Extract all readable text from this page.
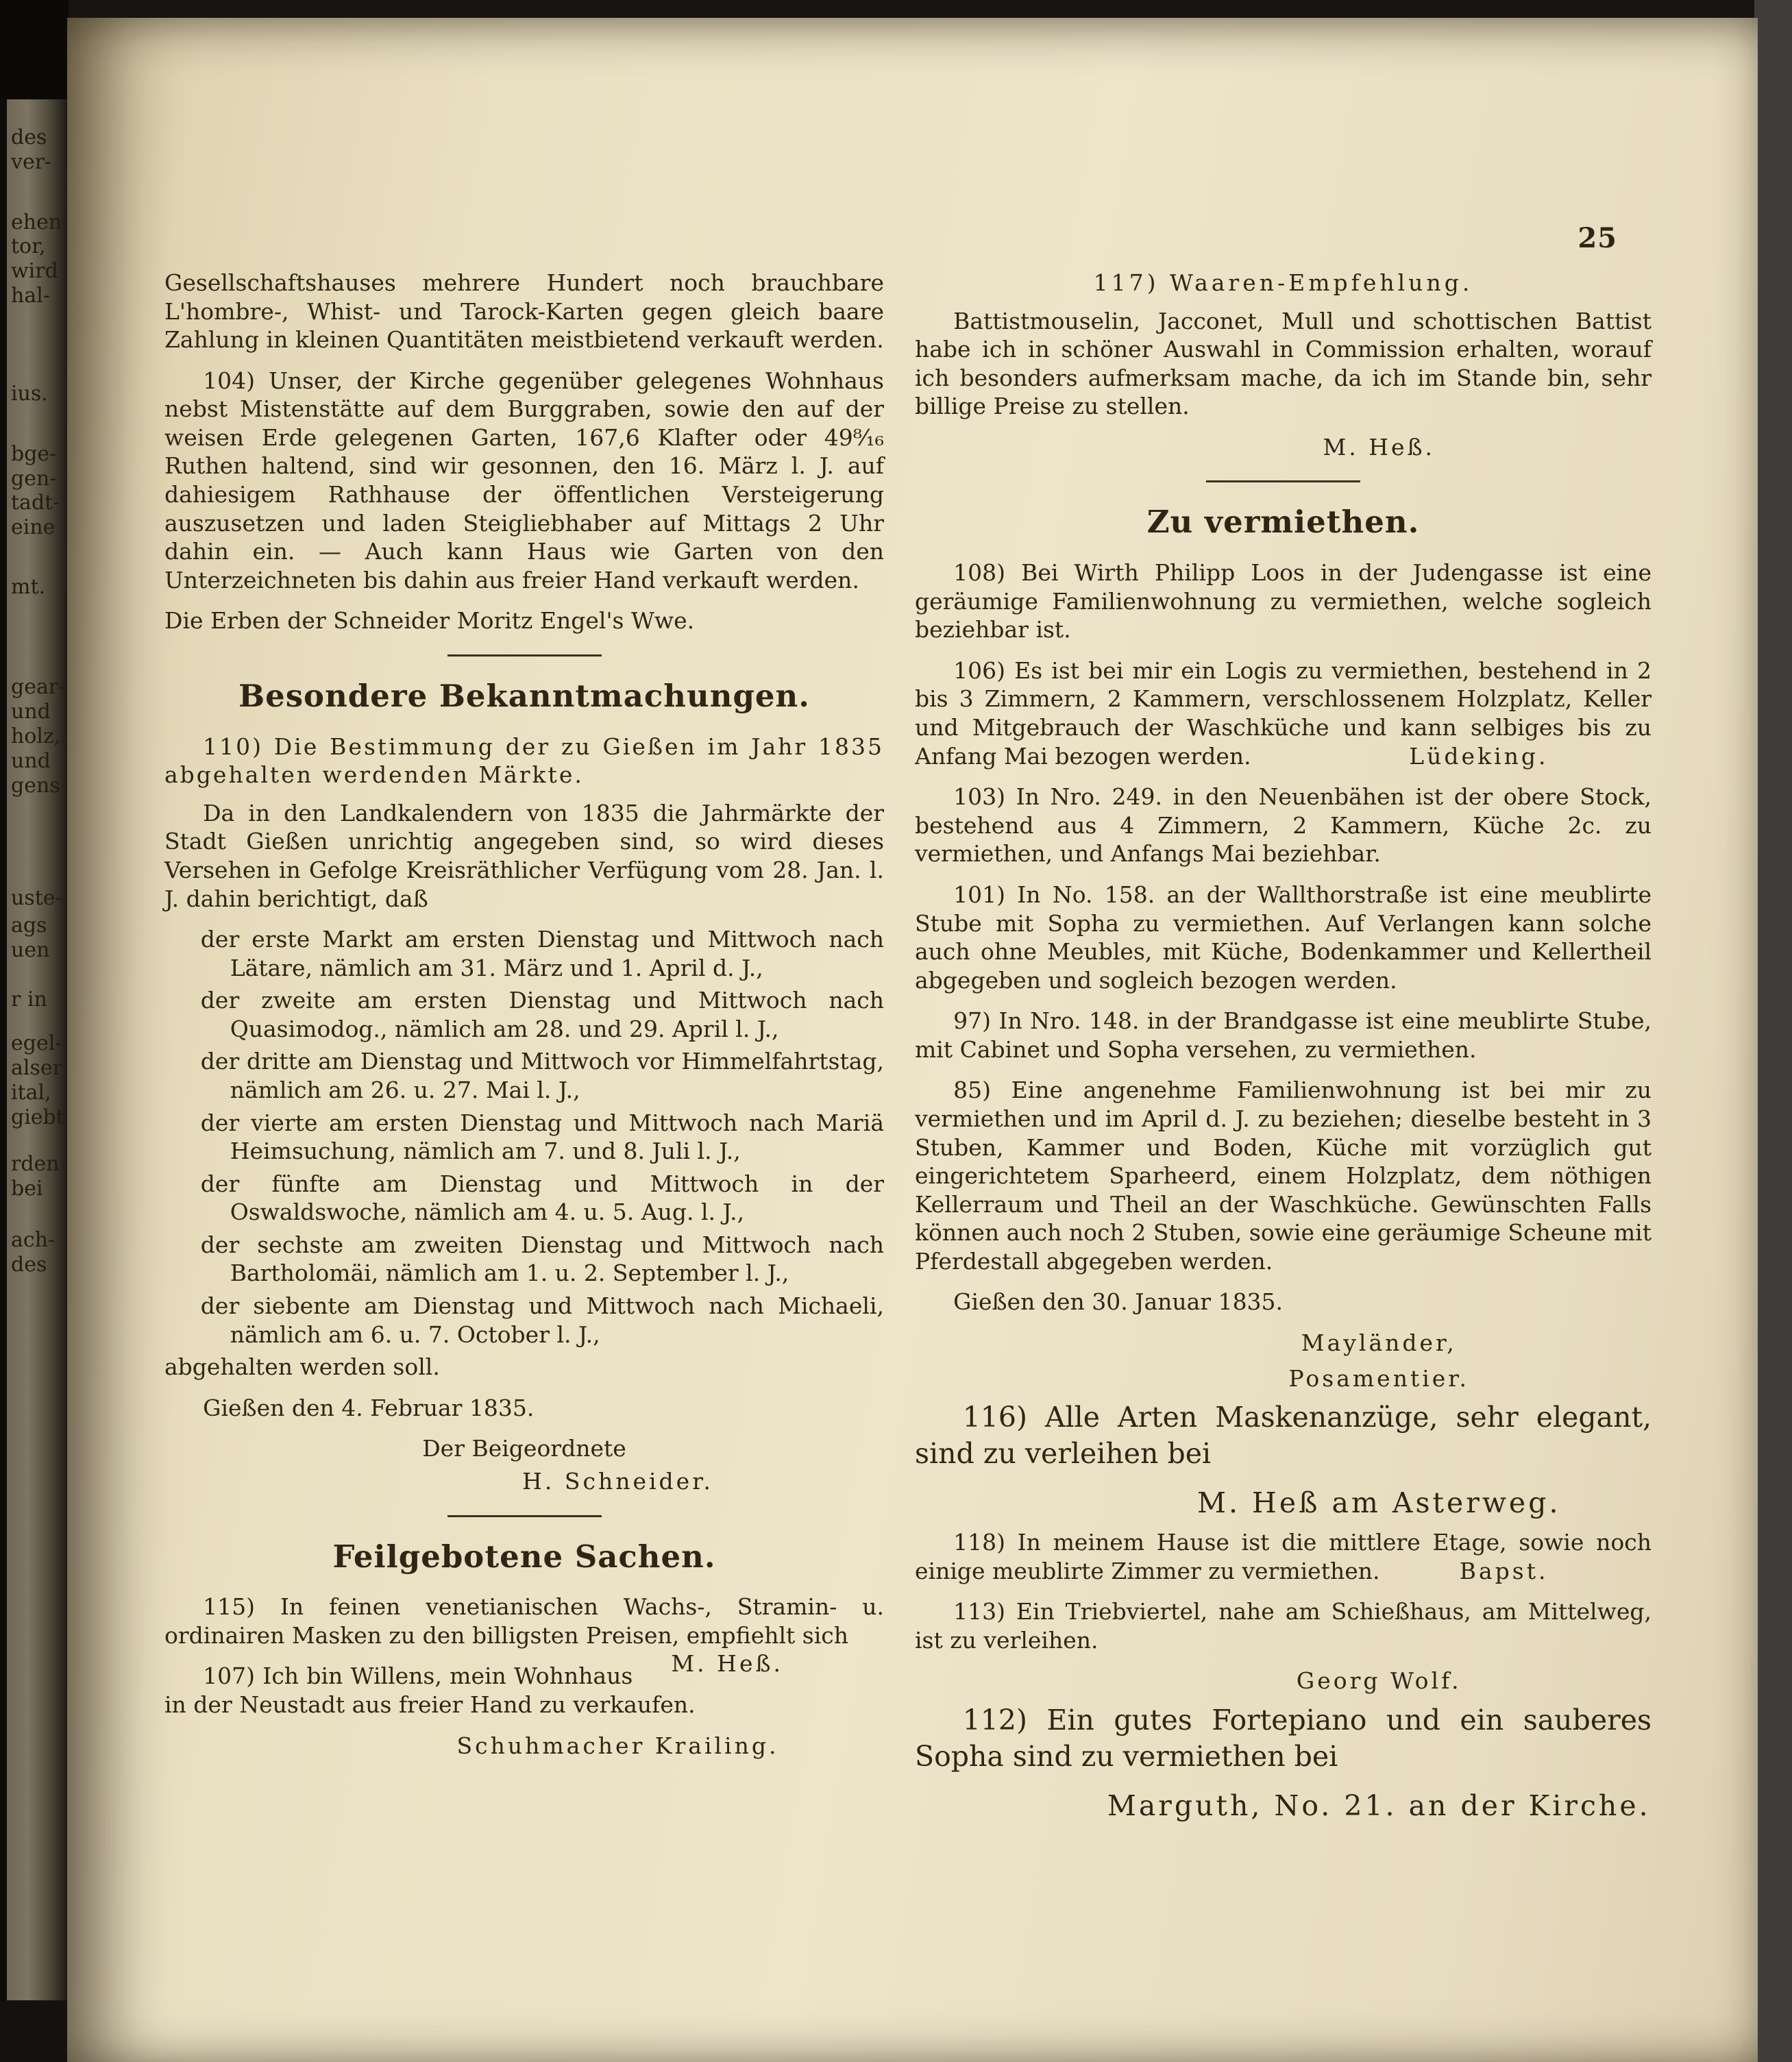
des
ver-
ehen
tor,
wird
hal-
ius.
bge-
gen-
tadt-
eine
mt.
gear-
und
holz,
und
gens
uste-
ags
uen
r in
egel-
alser
ital,
giebt
rden
bei
ach-
des
25
Gesellschaftshauses mehrere Hundert noch brauchbare L'hombre-, Whist- und Tarock-Karten gegen gleich baare Zahlung in kleinen Quantitäten meistbietend verkauft werden.
104) Unser, der Kirche gegenüber gelegenes Wohnhaus nebst Mistenstätte auf dem Burggraben, sowie den auf der weisen Erde gelegenen Garten, 167,6 Klafter oder 49⁸⁄₁₆ Ruthen haltend, sind wir gesonnen, den 16. März l. J. auf dahiesigem Rathhause der öffentlichen Versteigerung auszusetzen und laden Steigliebhaber auf Mittags 2 Uhr dahin ein. — Auch kann Haus wie Garten von den Unterzeichneten bis dahin aus freier Hand verkauft werden.
Die Erben der Schneider Moritz Engel's Wwe.
Besondere Bekanntmachungen.
110) Die Bestimmung der zu Gießen im Jahr 1835 abgehalten werdenden Märkte.
Da in den Landkalendern von 1835 die Jahrmärkte der Stadt Gießen unrichtig angegeben sind, so wird dieses Versehen in Gefolge Kreisräthlicher Verfügung vom 28. Jan. l. J. dahin berichtigt, daß
der erste Markt am ersten Dienstag und Mittwoch nach Lätare, nämlich am 31. März und 1. April d. J.,
der zweite am ersten Dienstag und Mittwoch nach Quasimodog., nämlich am 28. und 29. April l. J.,
der dritte am Dienstag und Mittwoch vor Himmelfahrtstag, nämlich am 26. u. 27. Mai l. J.,
der vierte am ersten Dienstag und Mittwoch nach Mariä Heimsuchung, nämlich am 7. und 8. Juli l. J.,
der fünfte am Dienstag und Mittwoch in der Oswaldswoche, nämlich am 4. u. 5. Aug. l. J.,
der sechste am zweiten Dienstag und Mittwoch nach Bartholomäi, nämlich am 1. u. 2. September l. J.,
der siebente am Dienstag und Mittwoch nach Michaeli, nämlich am 6. u. 7. October l. J.,
abgehalten werden soll.
Gießen den 4. Februar 1835.
Der Beigeordnete
H. Schneider.
Feilgebotene Sachen.
115) In feinen venetianischen Wachs-, Stramin- u. ordinairen Masken zu den billigsten Preisen, empfiehlt sich
M. Heß.
107) Ich bin Willens, mein Wohnhaus in der Neustadt aus freier Hand zu verkaufen.
Schuhmacher Krailing.
117) Waaren-Empfehlung.
Battistmouselin, Jacconet, Mull und schottischen Battist habe ich in schöner Auswahl in Commission erhalten, worauf ich besonders aufmerksam mache, da ich im Stande bin, sehr billige Preise zu stellen.
M. Heß.
Zu vermiethen.
108) Bei Wirth Philipp Loos in der Judengasse ist eine geräumige Familienwohnung zu vermiethen, welche sogleich beziehbar ist.
106) Es ist bei mir ein Logis zu vermiethen, bestehend in 2 bis 3 Zimmern, 2 Kammern, verschlossenem Holzplatz, Keller und Mitgebrauch der Waschküche und kann selbiges bis zu Anfang Mai bezogen werden.	Lüdeking.
103) In Nro. 249. in den Neuenbähen ist der obere Stock, bestehend aus 4 Zimmern, 2 Kammern, Küche 2c. zu vermiethen, und Anfangs Mai beziehbar.
101) In No. 158. an der Wallthorstraße ist eine meublirte Stube mit Sopha zu vermiethen. Auf Verlangen kann solche auch ohne Meubles, mit Küche, Bodenkammer und Kellertheil abgegeben und sogleich bezogen werden.
97) In Nro. 148. in der Brandgasse ist eine meublirte Stube, mit Cabinet und Sopha versehen, zu vermiethen.
85) Eine angenehme Familienwohnung ist bei mir zu vermiethen und im April d. J. zu beziehen; dieselbe besteht in 3 Stuben, Kammer und Boden, Küche mit vorzüglich gut eingerichtetem Sparheerd, einem Holzplatz, dem nöthigen Kellerraum und Theil an der Waschküche. Gewünschten Falls können auch noch 2 Stuben, sowie eine geräumige Scheune mit Pferdestall abgegeben werden.
Gießen den 30. Januar 1835.
Mayländer,
Posamentier.
116) Alle Arten Maskenanzüge, sehr elegant, sind zu verleihen bei
M. Heß am Asterweg.
118) In meinem Hause ist die mittlere Etage, sowie noch einige meublirte Zimmer zu vermiethen.	Bapst.
113) Ein Triebviertel, nahe am Schießhaus, am Mittelweg, ist zu verleihen.
Georg Wolf.
112) Ein gutes Fortepiano und ein sauberes Sopha sind zu vermiethen bei
Marguth, No. 21. an der Kirche.
